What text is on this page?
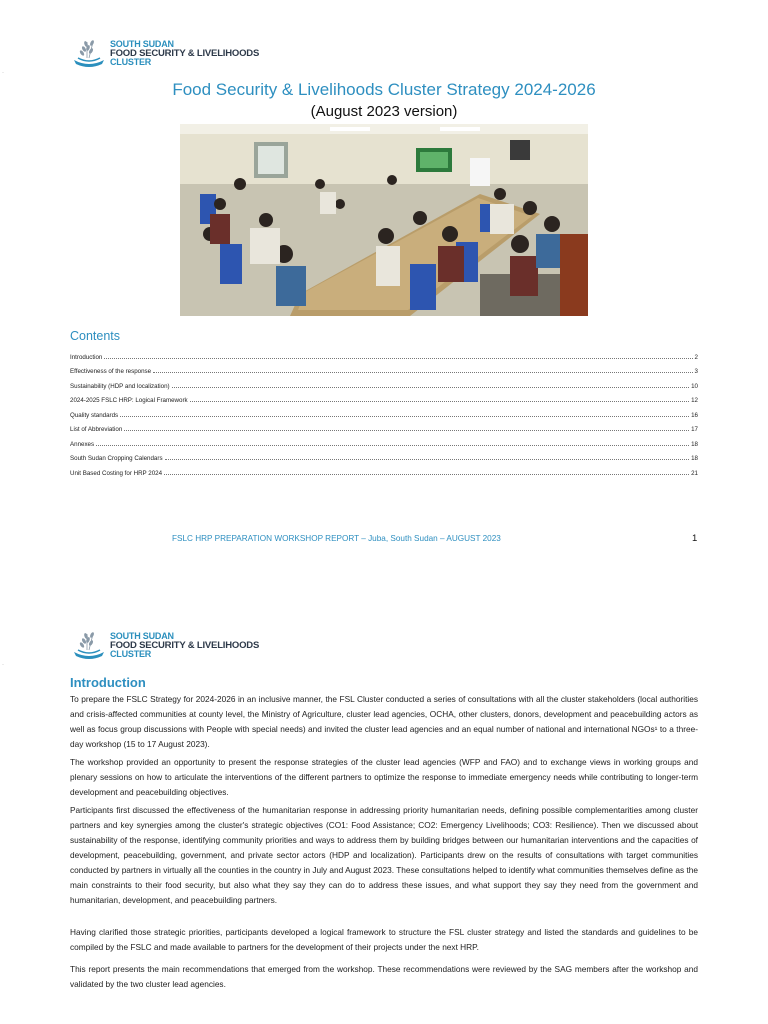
SOUTH SUDAN
FOOD SECURITY & LIVELIHOODS
CLUSTER
Food Security & Livelihoods Cluster Strategy 2024-2026
(August 2023 version)
Contents
Introduction	2
Effectiveness of the response	3
Sustainability (HDP and localization)	10
2024-2025 FSLC HRP: Logical Framework	12
Quality standards	16
List of Abbreviation	17
Annexes	18
South Sudan Cropping Calendars	18
Unit Based Costing for HRP 2024	21
FSLC HRP PREPARATION WORKSHOP REPORT – Juba, South Sudan – AUGUST 2023	1
·
·
SOUTH SUDAN
FOOD SECURITY & LIVELIHOODS
CLUSTER
Introduction
To prepare the FSLC Strategy for 2024-2026 in an inclusive manner, the FSL Cluster conducted a series of consultations with all the cluster stakeholders (local authorities and crisis-affected communities at county level, the Ministry of Agriculture, cluster lead agencies, OCHA, other clusters, donors, development and peacebuilding actors as well as focus group discussions with People with special needs) and invited the cluster lead agencies and an equal number of national and international NGOs¹ to a three-day workshop (15 to 17 August 2023).
The workshop provided an opportunity to present the response strategies of the cluster lead agencies (WFP and FAO) and to exchange views in working groups and plenary sessions on how to articulate the interventions of the different partners to optimize the response to immediate emergency needs while contributing to longer-term development and peacebuilding objectives.
Participants first discussed the effectiveness of the humanitarian response in addressing priority humanitarian needs, defining possible complementarities among cluster partners and key synergies among the cluster's strategic objectives (CO1: Food Assistance; CO2: Emergency Livelihoods; CO3: Resilience). Then we discussed about sustainability of the response, identifying community priorities and ways to address them by building bridges between our humanitarian interventions and the capacities of development, peacebuilding, government, and private sector actors (HDP and localization). Participants drew on the results of consultations with target communities conducted by partners in virtually all the counties in the country in July and August 2023. These consultations helped to identify what communities themselves define as the main constraints to their food security, but also what they say they can do to address these issues, and what support they say they need from the government and humanitarian, development, and peacebuilding partners.
Having clarified those strategic priorities, participants developed a logical framework to structure the FSL cluster strategy and listed the standards and guidelines to be compiled by the FSLC and made available to partners for the development of their projects under the next HRP.
This report presents the main recommendations that emerged from the workshop. These recommendations were reviewed by the SAG members after the workshop and validated by the two cluster lead agencies.
